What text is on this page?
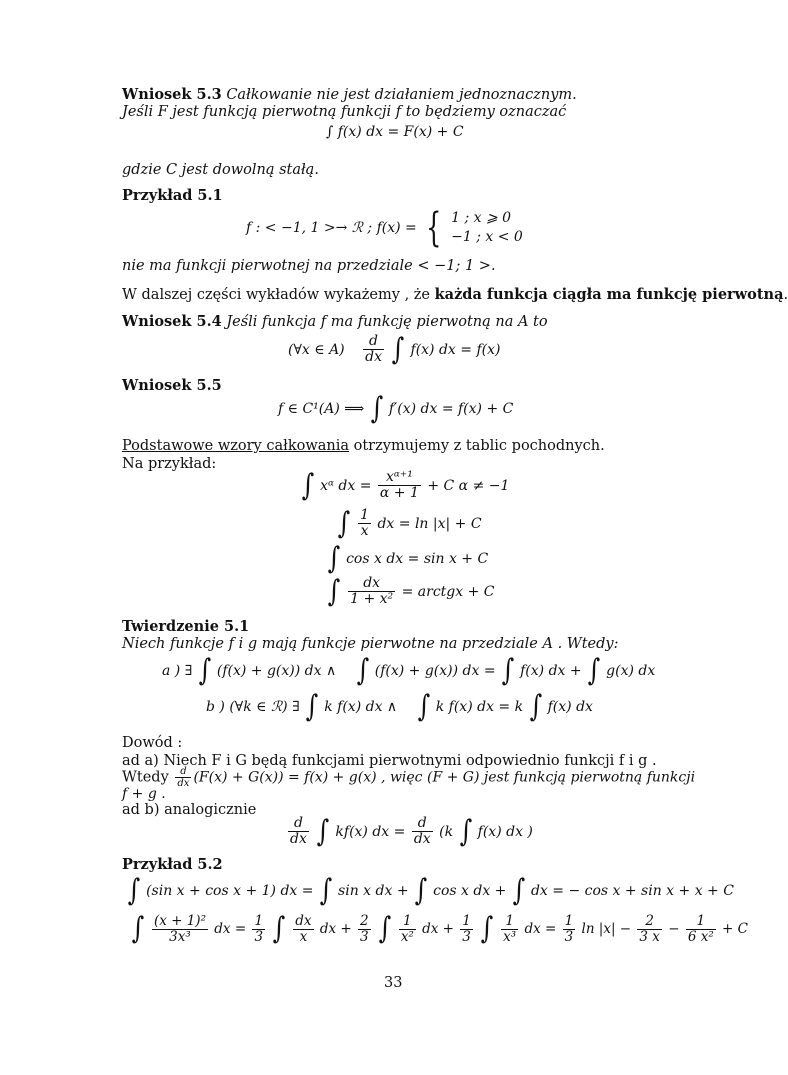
Wniosek 5.3 Całkowanie nie jest działaniem jednoznacznym.
Jeśli F jest funkcją pierwotną funkcji f to będziemy oznaczać
∫ f(x) dx = F(x) + C
gdzie C jest dowolną stałą.
Przykład 5.1
f : < −1, 1 >→ ℛ ; f(x) = { 1 ; x ⩾ 0
−1 ; x < 0
nie ma funkcji pierwotnej na przedziale < −1; 1 >.
W dalszej części wykładów wykażemy , że każda funkcja ciągła ma funkcję pierwotną.
Wniosek 5.4 Jeśli funkcja f ma funkcję pierwotną na A to
(∀x ∈ $A) \frac{d}{dx}$ ∫ f(x) dx = f(x)
Wniosek 5.5
f ∈ C¹(A) ⟹ ∫ f′(x) dx = f(x) + C
Podstawowe wzory całkowania otrzymujemy z tablic pochodnych.
Na przykład:
∫ xᵅ dx = $\frac{\text{xᵅ⁺¹}}{\alpha + 1} + C$ α ≠ −1
∫ $\frac{1}{x}$ dx = ln |x| + C
∫ cos x dx = sin x + C
∫ $\frac{dx}{\text{1 + x²}}$ = arctgx + C
Twierdzenie 5.1
Niech funkcje f i g mają funkcje pierwotne na przedziale A . Wtedy:
a ) ∃ ∫ (f(x) + g(x)) dx ∧ ∫ (f(x) + g(x)) dx = ∫ f(x) dx + ∫ g(x) dx
b ) (∀k ∈ ℛ) ∃ ∫ k f(x) dx ∧ ∫ k f(x) dx = k ∫ f(x) dx
Dowód :
ad a) Niech F i G będą funkcjami pierwotnymi odpowiednio funkcji f i g .
Wtedy $\frac{d}{dx} (F(x) + G(x)) = f(x) + g(x)$ , więc (F + G) jest funkcją pierwotną funkcji
f + g .
ad b) analogicznie
$\frac{d}{dx}$ ∫ kf(x) dx = $\frac{d}{dx} (k$ ∫ f(x) dx )
Przykład 5.2
∫ (sin x + cos x + 1) dx = ∫ sin x dx + ∫ cos x dx + ∫ dx = − cos x + sin x + x + C
∫ $\frac{\text{(x + 1)²}}{\text{3x³}}$ dx = $\frac{1}{3}$ ∫ $\frac{dx}{x}$ dx + $\frac{2}{3}$ ∫ $\frac{1}{\text{x²}}$ dx + $\frac{1}{3}$ ∫ $\frac{1}{\text{x³}}$ dx = $\frac{1}{3}$ $\ln |x| - \frac{2}{3 x} - \frac{1}{\text{6 x²}} + C$
33
